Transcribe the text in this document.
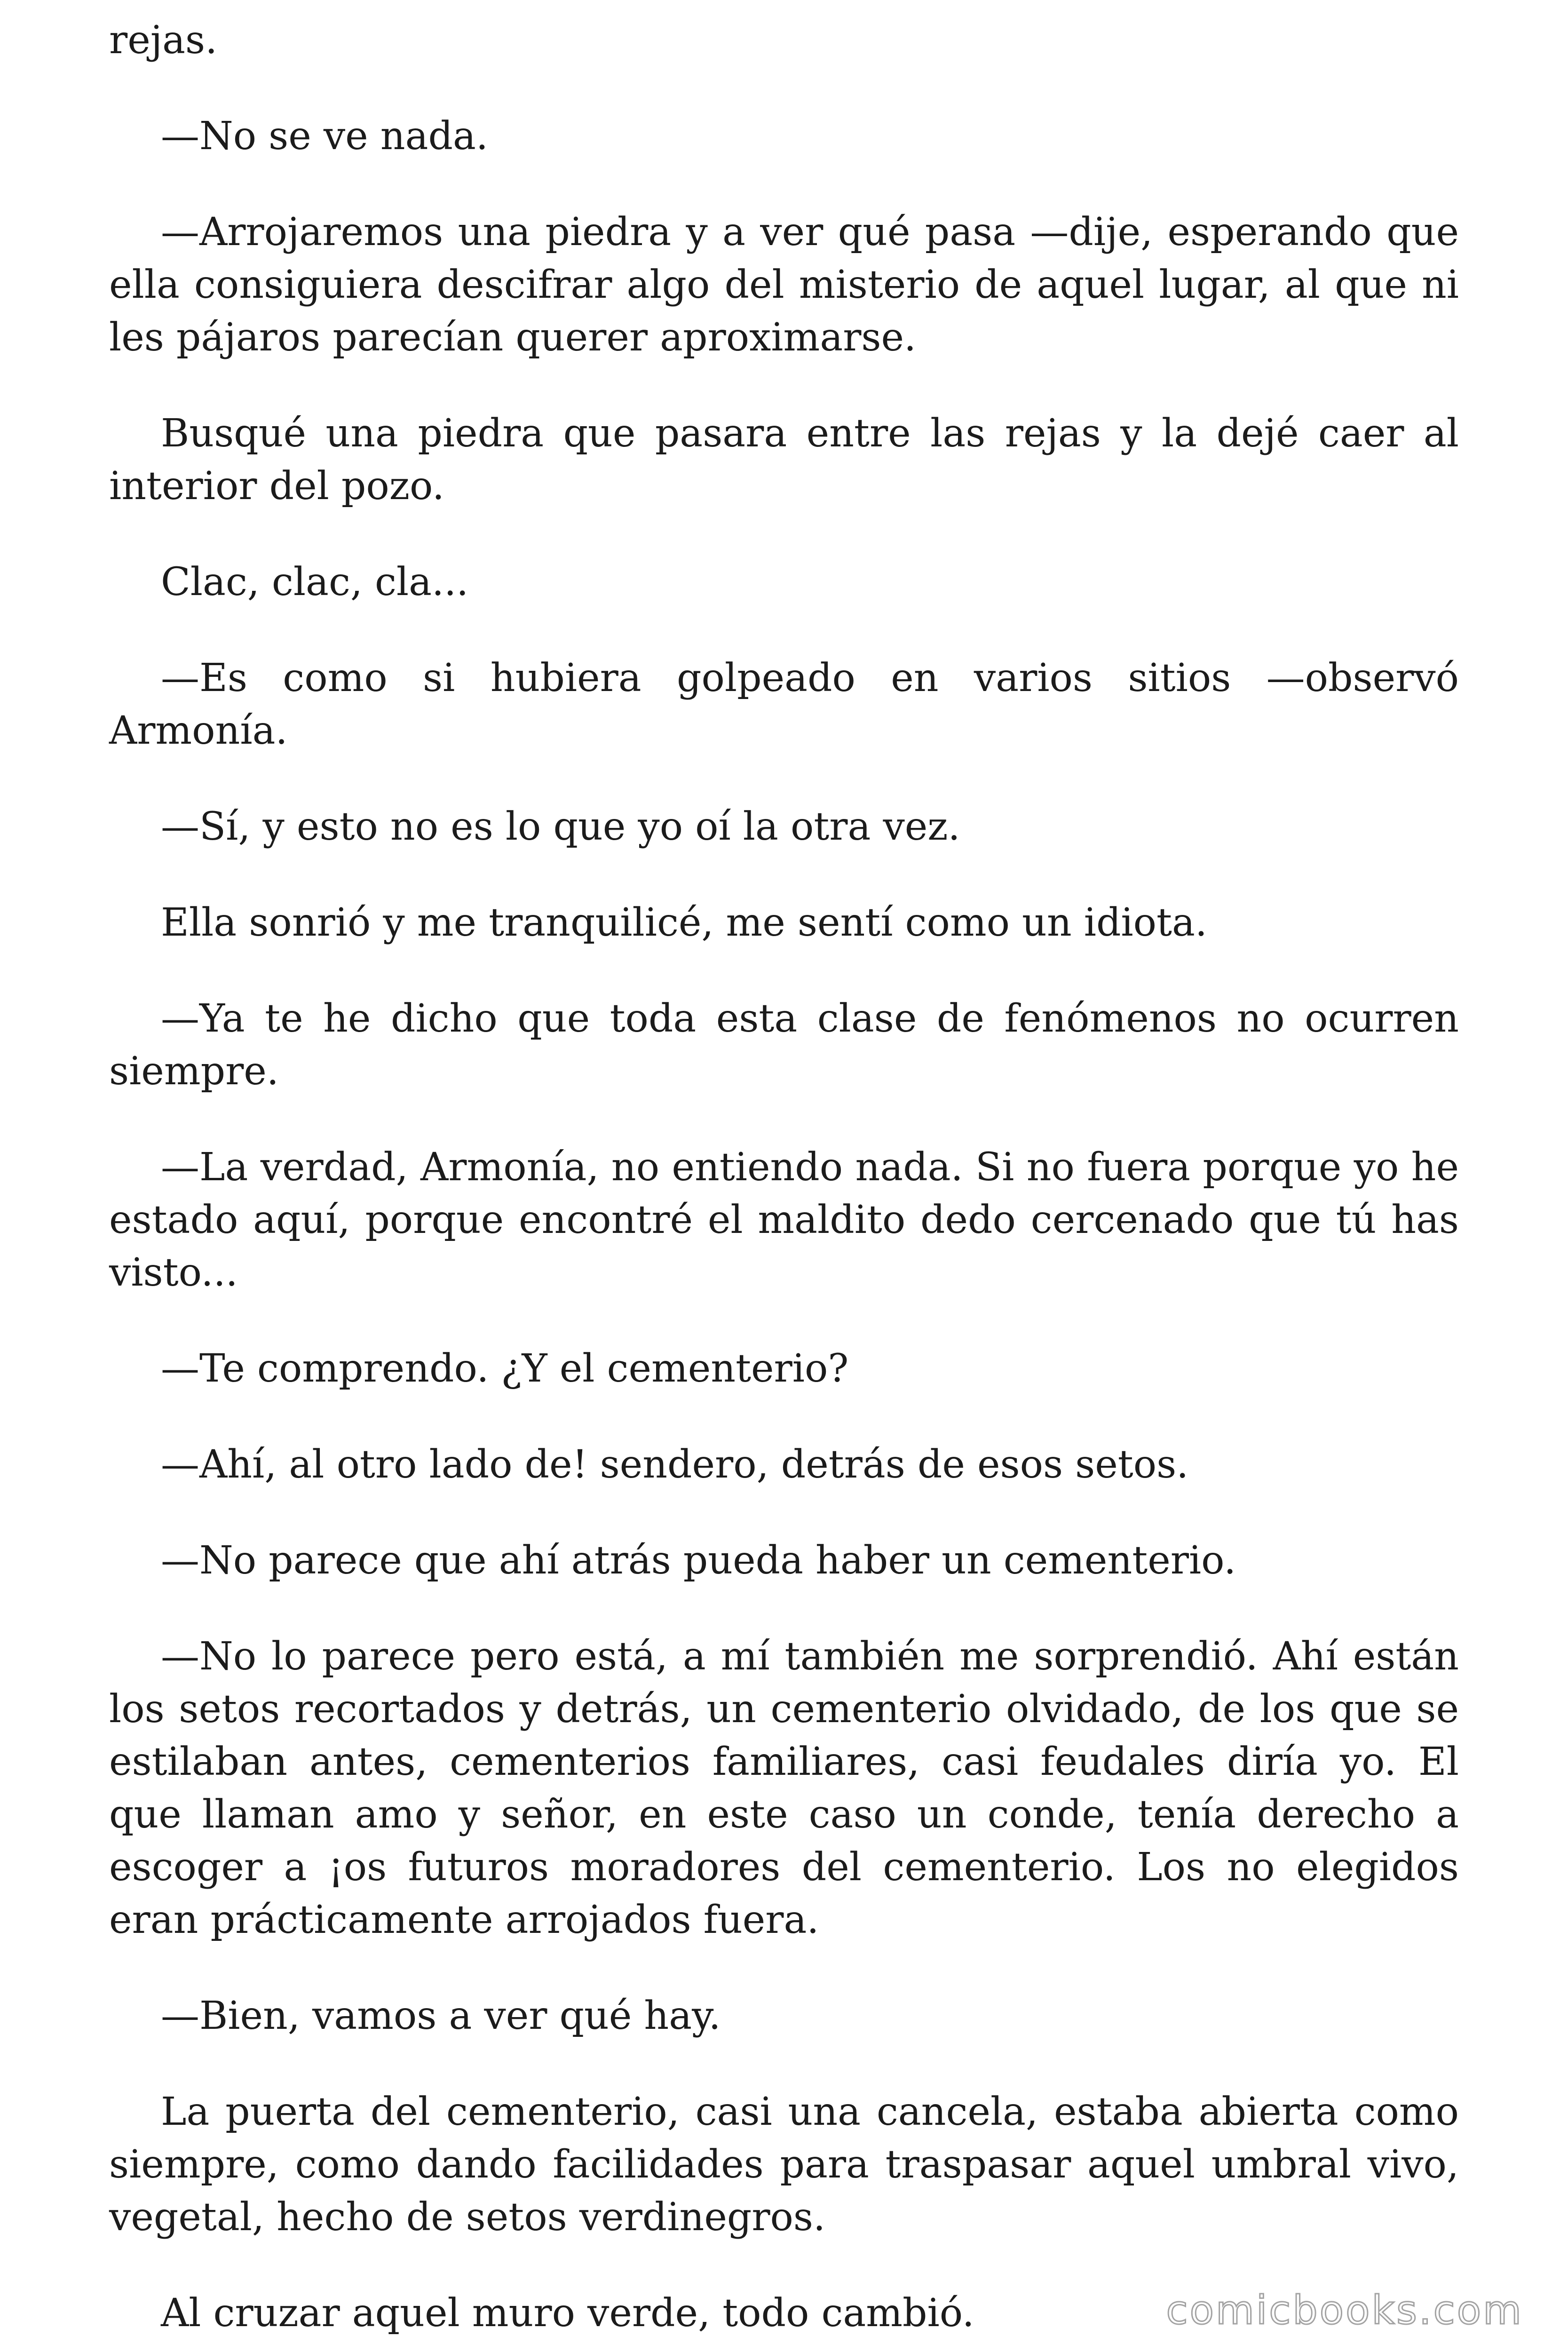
rejas.

—No se ve nada.

—Arrojaremos una piedra y a ver qué pasa —dije, esperando que ella consiguiera descifrar algo del misterio de aquel lugar, al que ni les pájaros parecían querer aproximarse.

Busqué una piedra que pasara entre las rejas y la dejé caer al interior del pozo.

Clac, clac, cla...

—Es como si hubiera golpeado en varios sitios —observó Armonía.

—Sí, y esto no es lo que yo oí la otra vez.

Ella sonrió y me tranquilicé, me sentí como un idiota.

—Ya te he dicho que toda esta clase de fenómenos no ocurren siempre.

—La verdad, Armonía, no entiendo nada. Si no fuera porque yo he estado aquí, porque encontré el maldito dedo cercenado que tú has visto...

—Te comprendo. ¿Y el cementerio?

—Ahí, al otro lado de! sendero, detrás de esos setos.

—No parece que ahí atrás pueda haber un cementerio.

—No lo parece pero está, a mí también me sorprendió. Ahí están los setos recortados y detrás, un cementerio olvidado, de los que se estilaban antes, cementerios familiares, casi feudales diría yo. El que llaman amo y señor, en este caso un conde, tenía derecho a escoger a ¡os futuros moradores del cementerio. Los no elegidos eran prácticamente arrojados fuera.

—Bien, vamos a ver qué hay.

La puerta del cementerio, casi una cancela, estaba abierta como siempre, como dando facilidades para traspasar aquel umbral vivo, vegetal, hecho de setos verdinegros.

Al cruzar aquel muro verde, todo cambió.	comicbooks.com
